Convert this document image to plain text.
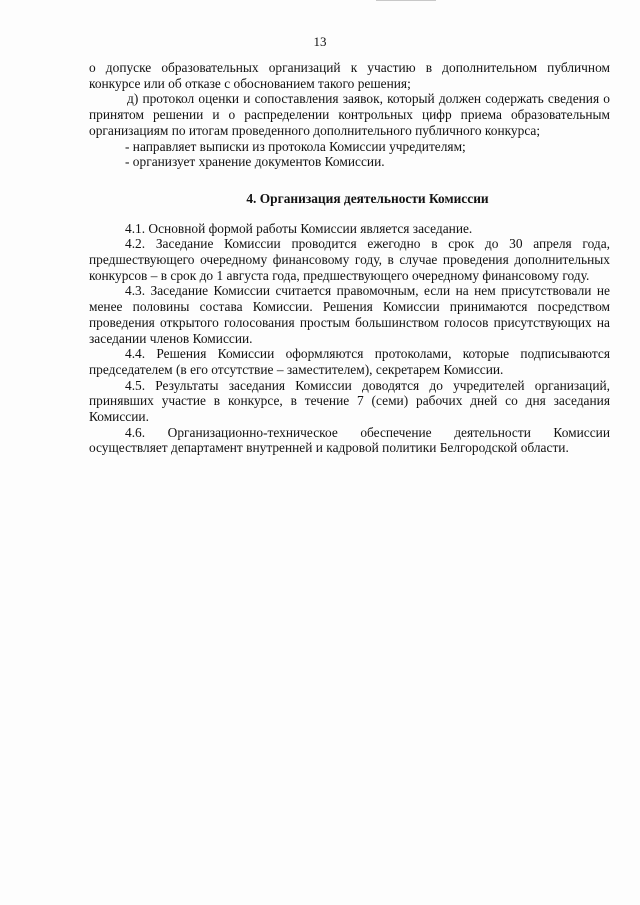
13

о допуске образовательных организаций к участию в дополнительном публичном конкурсе или об отказе с обоснованием такого решения;

д) протокол оценки и сопоставления заявок, который должен содержать сведения о принятом решении и о распределении контрольных цифр приема образовательным организациям по итогам проведенного дополнительного публичного конкурса;

- направляет выписки из протокола Комиссии учредителям;

- организует хранение документов Комиссии.

4. Организация деятельности Комиссии

4.1. Основной формой работы Комиссии является заседание.

4.2. Заседание Комиссии проводится ежегодно в срок до 30 апреля года, предшествующего очередному финансовому году, в случае проведения дополнительных конкурсов – в срок до 1 августа года, предшествующего очередному финансовому году.

4.3. Заседание Комиссии считается правомочным, если на нем присутствовали не менее половины состава Комиссии. Решения Комиссии принимаются посредством проведения открытого голосования простым большинством голосов присутствующих на заседании членов Комиссии.

4.4. Решения Комиссии оформляются протоколами, которые подписываются председателем (в его отсутствие – заместителем), секретарем Комиссии.

4.5. Результаты заседания Комиссии доводятся до учредителей организаций, принявших участие в конкурсе, в течение 7 (семи) рабочих дней со дня заседания Комиссии.

4.6. Организационно-техническое обеспечение деятельности Комиссии осуществляет департамент внутренней и кадровой политики Белгородской области.
